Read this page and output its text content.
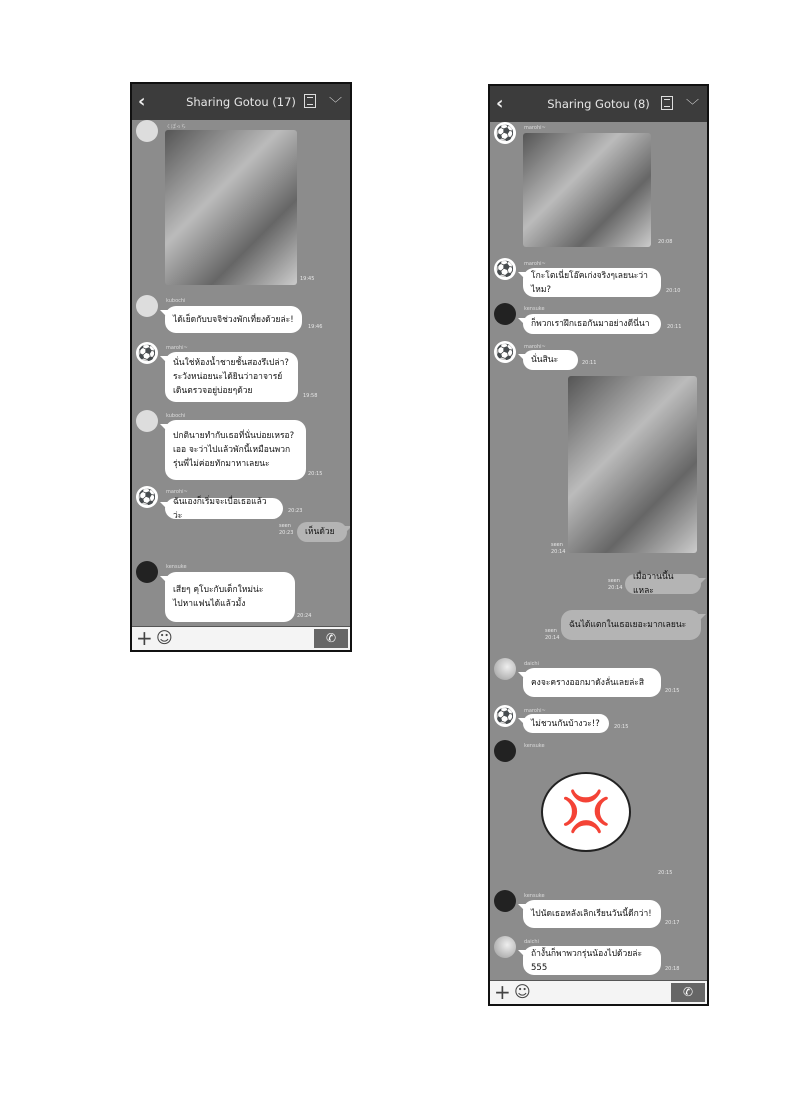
‹	Sharing Gotou (17)	﹀
くぼっち
19:45
kubochi
ได้เย็ดกับบจจิช่วงพักเที่ยงด้วยล่ะ!
19:46
⚽	marohi~
นั่นใช่ห้องน้ำชายชั้นสองรึเปล่า?
ระวังหน่อยนะได้ยินว่าอาจารย์
เดินตรวจอยู่บ่อยๆด้วย	19:58
kubochi
ปกตินายทำกับเธอที่นั่นบ่อยเหรอ?
เออ จะว่าไปแล้วพักนี้เหมือนพวก
รุ่นพี่ไม่ค่อยทักมาหาเลยนะ
20:15
⚽	marohi~
ฉันเองก็เริ่มจะเบื่อเธอแล้วว่ะ	20:23
เห็นด้วย
seen
20:23
kensuke
เสียๆ คุโบะกับเด็กใหม่น่ะ
ไปหาแฟนได้แล้วมั้ง
20:24
+ ☺	✆
‹	Sharing Gotou (8)	﹀
⚽	marohi~
20:08
⚽	marohi~
โกะโตเนี่ยโอ๊คเก่งจริงๆเลยนะว่าไหม?	20:10
kensuke
ก็พวกเราฝึกเธอกันมาอย่างดีนี่นา	20:11
⚽	marohi~
นั่นสินะ	20:11
seen
20:14
เมื่อวานนี้นแหละ
seen
20:14
ฉันได้แตกในเธอเยอะมากเลยนะ
seen
20:14
daichi
คงจะครางออกมาดังลั่นเลยล่ะสิ
20:15
⚽	marohi~
ไม่ชวนกันบ้างวะ!?	20:15
kensuke
💢
20:15
kensuke
ไปนัดเธอหลังเลิกเรียนวันนี้ดีกว่า!
20:17
daichi
ถ้างั้นก็พาพวกรุ่นน้องไปด้วยล่ะ 555	20:18
+ ☺	✆
